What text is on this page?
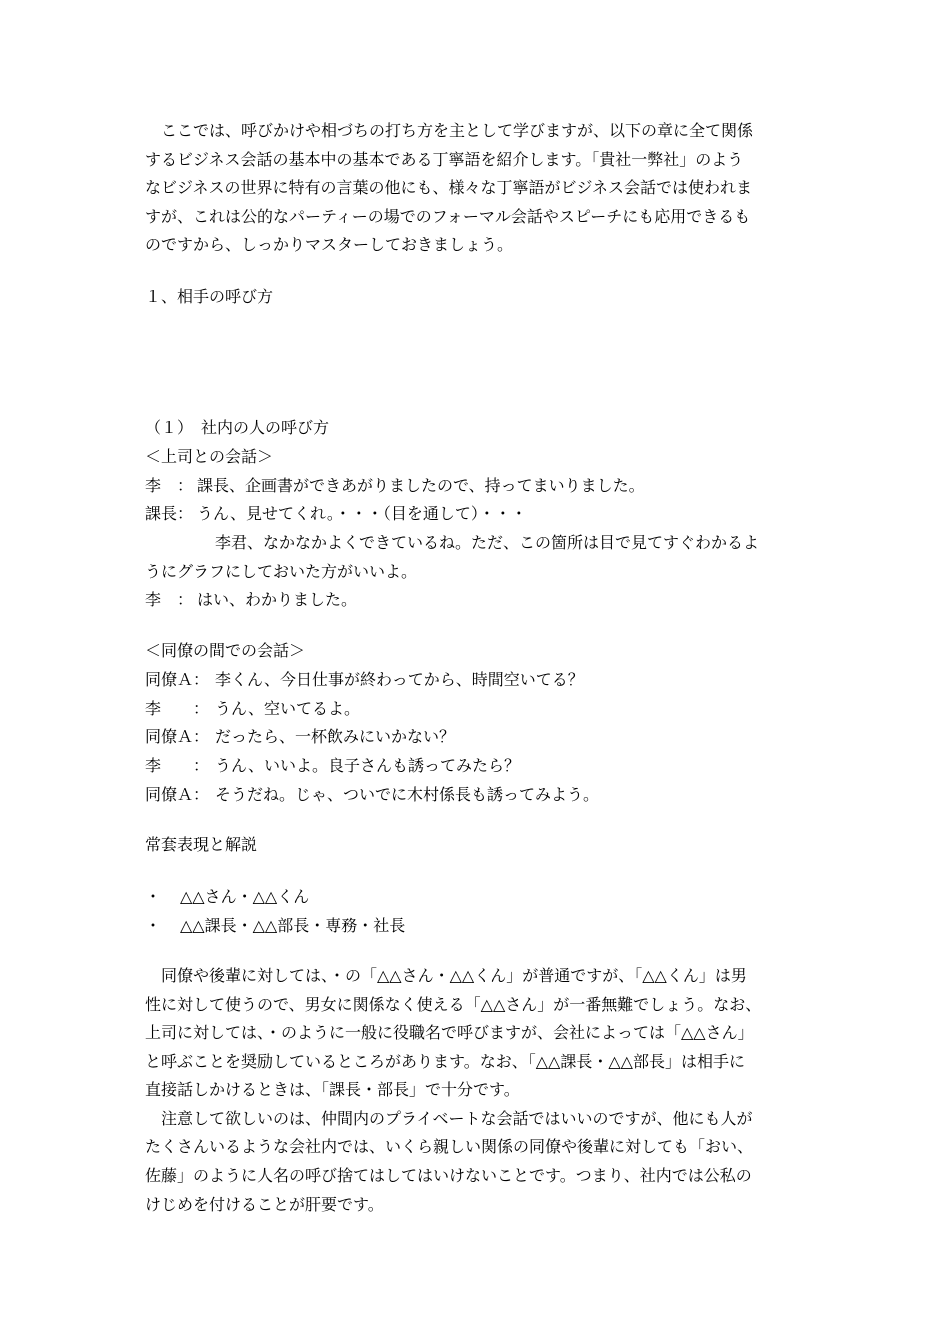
　ここでは、呼びかけや相づちの打ち方を主として学びますが、以下の章に全て関係

するビジネス会話の基本中の基本である丁寧語を紹介します。「貴社一弊社」のよう

なビジネスの世界に特有の言葉の他にも、様々な丁寧語がビジネス会話では使われま

すが、これは公的なパーティーの場でのフォーマル会話やスピーチにも応用できるも

のですから、しっかりマスターしておきましょう。

１、相手の呼び方
（１）　社内の人の呼び方

＜上司との会話＞

李　： 課長、企画書ができあがりましたので、持ってまいりました。
課長： うん、見せてくれ。・・・（目を通して）・・・

李君、なかなかよくできているね。ただ、この箇所は目で見てすぐわかるよ

うにグラフにしておいた方がいいよ。

李　： はい、わかりました。

＜同僚の間での会話＞

同僚Ａ： 李くん、今日仕事が終わってから、時間空いてる？
李　　： うん、空いてるよ。
同僚Ａ： だったら、一杯飲みにいかない？
李　　： うん、いいよ。良子さんも誘ってみたら？
同僚Ａ： そうだね。じゃ、ついでに木村係長も誘ってみよう。
常套表現と解説
・ △△さん・△△くん
・ △△課長・△△部長・専務・社長

　同僚や後輩に対しては、・の「△△さん・△△くん」が普通ですが、「△△くん」は男

性に対して使うので、男女に関係なく使える「△△さん」が一番無難でしょう。なお、

上司に対しては、・のように一般に役職名で呼びますが、会社によっては「△△さん」

と呼ぶことを奨励しているところがあります。なお、「△△課長・△△部長」は相手に

直接話しかけるときは、「課長・部長」で十分です。

　注意して欲しいのは、仲間内のプライベートな会話ではいいのですが、他にも人が

たくさんいるような会社内では、いくら親しい関係の同僚や後輩に対しても「おい、

佐藤」のように人名の呼び捨てはしてはいけないことです。つまり、社内では公私の

けじめを付けることが肝要です。
